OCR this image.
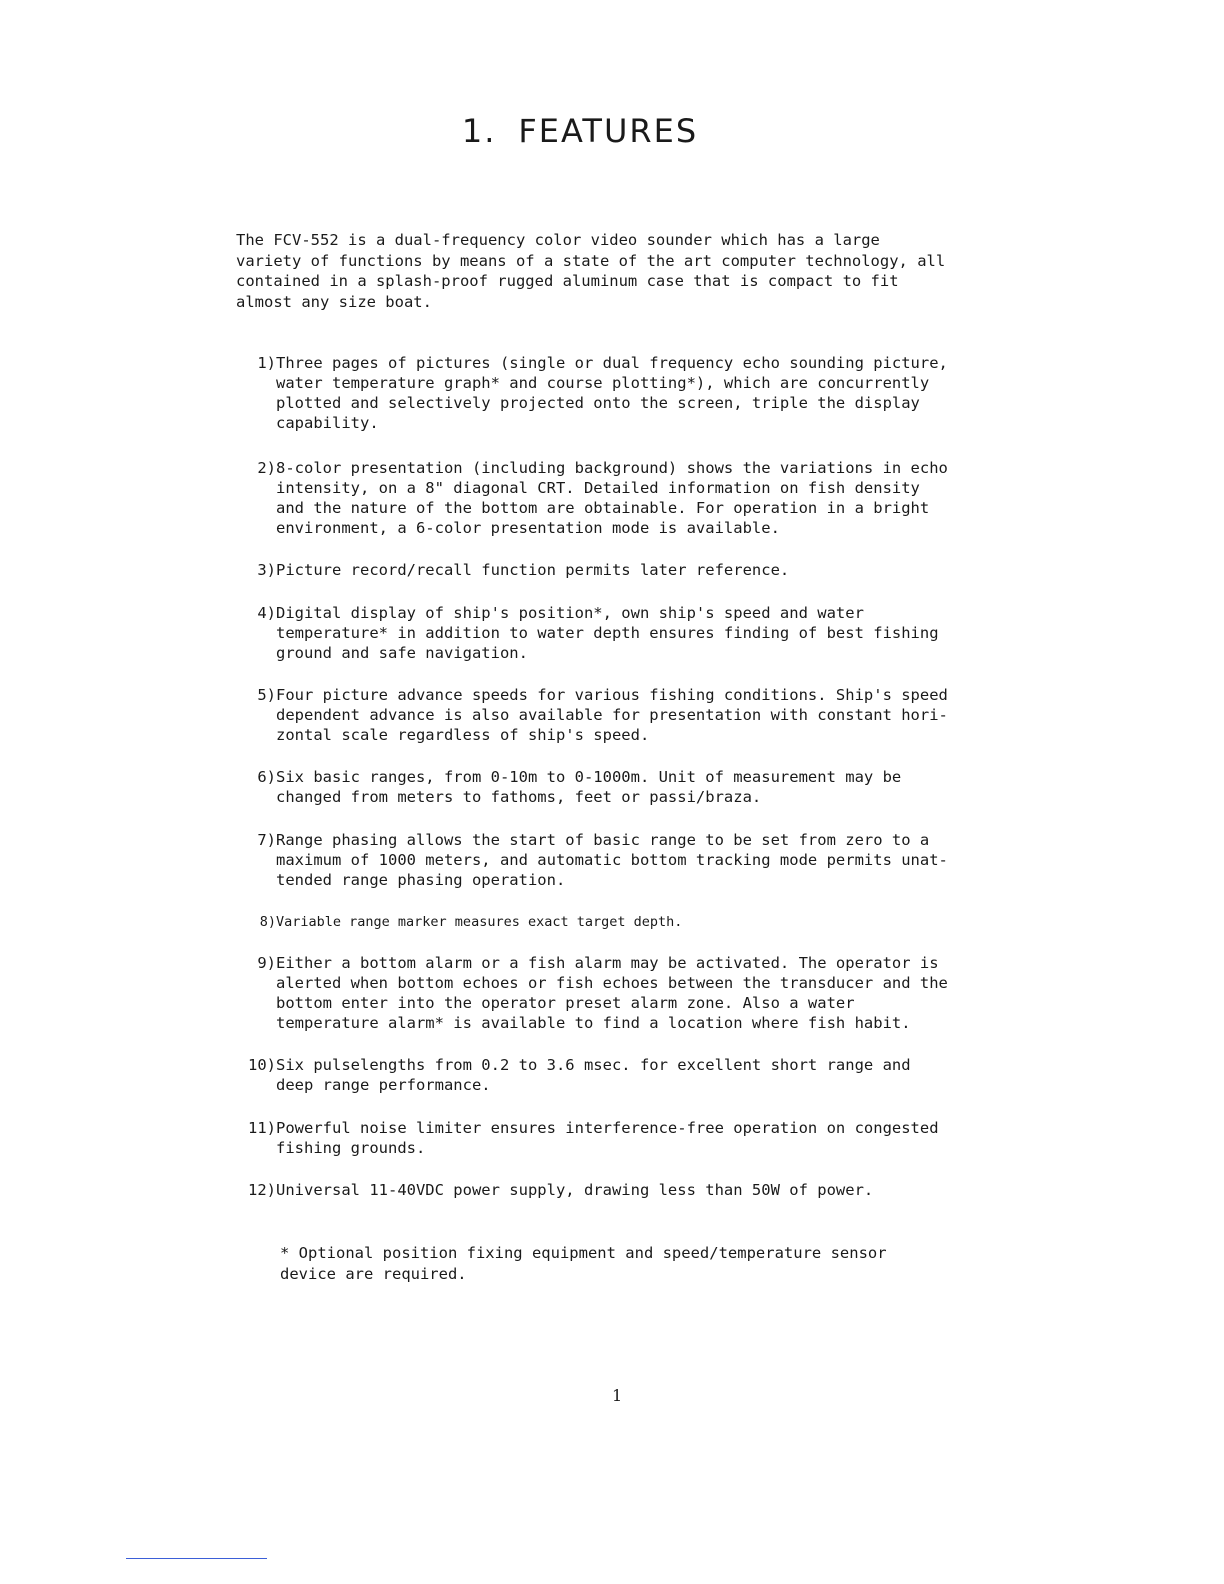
1. FEATURES
The FCV-552 is a dual-frequency color video sounder which has a large
variety of functions by means of a state of the art computer technology, all
contained in a splash-proof rugged aluminum case that is compact to fit
almost any size boat.
1) Three pages of pictures (single or dual frequency echo sounding picture,
water temperature graph* and course plotting*), which are concurrently
plotted and selectively projected onto the screen, triple the display
capability.
2) 8-color presentation (including background) shows the variations in echo
intensity, on a 8" diagonal CRT. Detailed information on fish density
and the nature of the bottom are obtainable. For operation in a bright
environment, a 6-color presentation mode is available.
3) Picture record/recall function permits later reference.
4) Digital display of ship's position*, own ship's speed and water
temperature* in addition to water depth ensures finding of best fishing
ground and safe navigation.
5) Four picture advance speeds for various fishing conditions. Ship's speed
dependent advance is also available for presentation with constant hori-
zontal scale regardless of ship's speed.
6) Six basic ranges, from 0-10m to 0-1000m. Unit of measurement may be
changed from meters to fathoms, feet or passi/braza.
7) Range phasing allows the start of basic range to be set from zero to a
maximum of 1000 meters, and automatic bottom tracking mode permits unat-
tended range phasing operation.
8) Variable range marker measures exact target depth.
9) Either a bottom alarm or a fish alarm may be activated. The operator is
alerted when bottom echoes or fish echoes between the transducer and the
bottom enter into the operator preset alarm zone. Also a water
temperature alarm* is available to find a location where fish habit.
10) Six pulselengths from 0.2 to 3.6 msec. for excellent short range and
deep range performance.
11) Powerful noise limiter ensures interference-free operation on congested
fishing grounds.
12) Universal 11-40VDC power supply, drawing less than 50W of power.
* Optional position fixing equipment and speed/temperature sensor
device are required.
1
